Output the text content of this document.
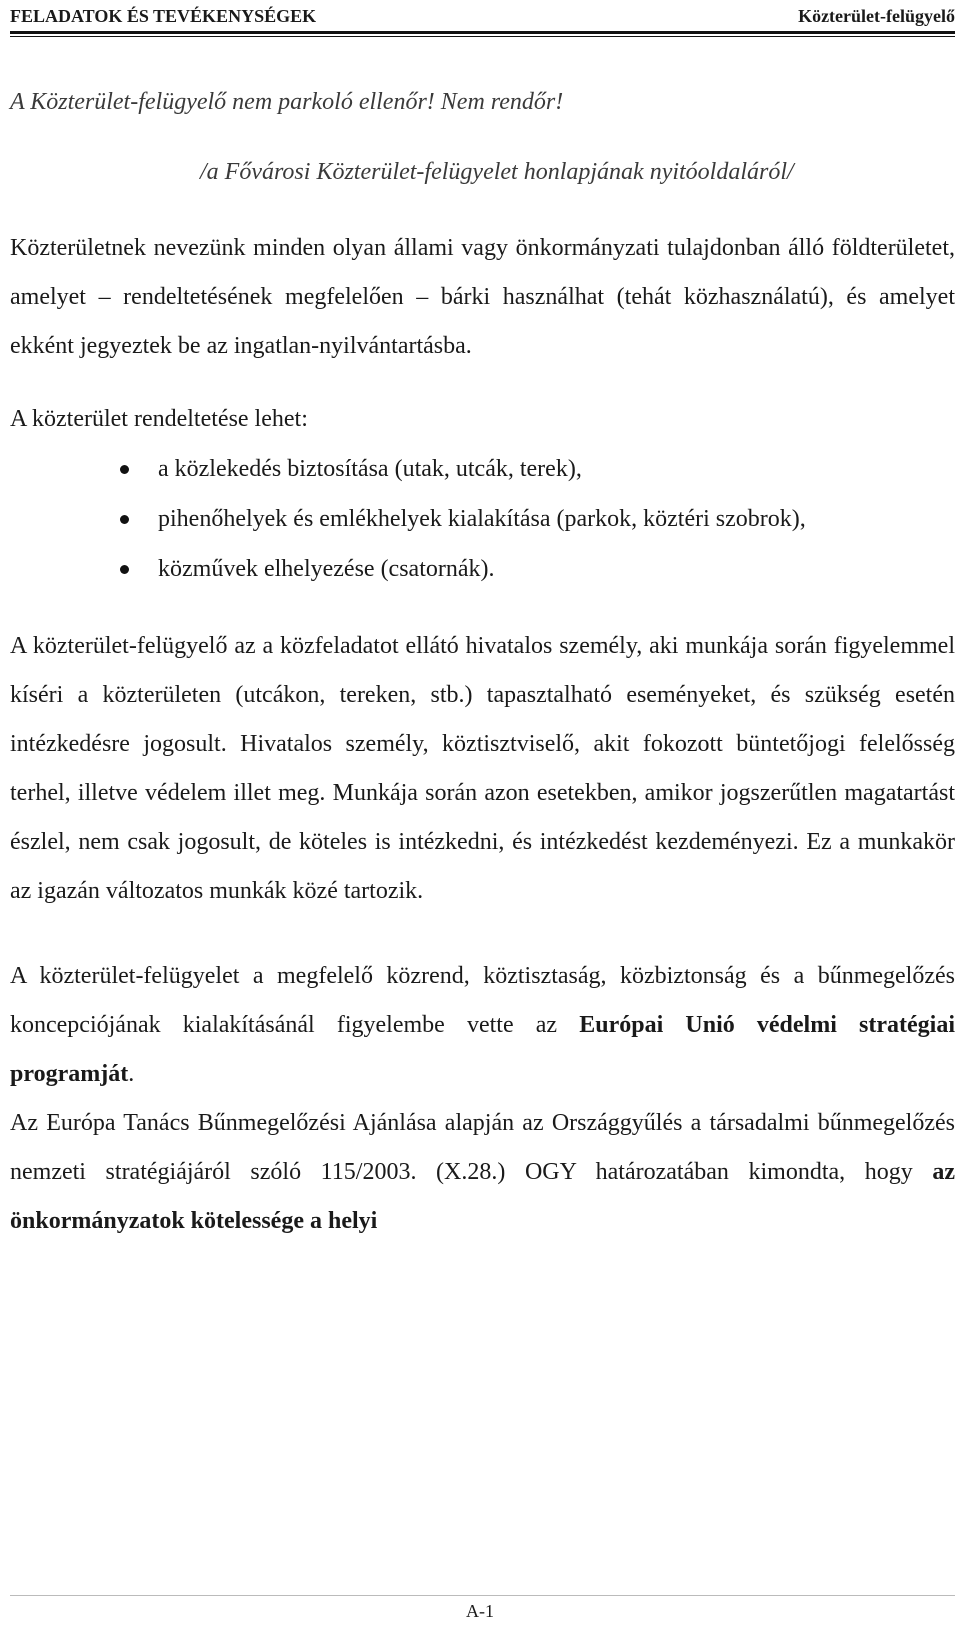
FELADATOK ÉS TEVÉKENYSÉGEK	Közterület-felügyelő

A Közterület-felügyelő nem parkoló ellenőr! Nem rendőr!

/a Fővárosi Közterület-felügyelet honlapjának nyitóoldaláról/

Közterületnek nevezünk minden olyan állami vagy önkormányzati tulajdonban álló földterületet, amelyet – rendeltetésének megfelelően – bárki használhat (tehát közhasználatú), és amelyet ekként jegyeztek be az ingatlan-nyilvántartásba.

A közterület rendeltetése lehet:

a közlekedés biztosítása (utak, utcák, terek),
pihenőhelyek és emlékhelyek kialakítása (parkok, köztéri szobrok),
közművek elhelyezése (csatornák).

A közterület-felügyelő az a közfeladatot ellátó hivatalos személy, aki munkája során figyelemmel kíséri a közterületen (utcákon, tereken, stb.) tapasztalható eseményeket, és szükség esetén intézkedésre jogosult. Hivatalos személy, köztisztviselő, akit fokozott büntetőjogi felelősség terhel, illetve védelem illet meg. Munkája során azon esetekben, amikor jogszerűtlen magatartást észlel, nem csak jogosult, de köteles is intézkedni, és intézkedést kezdeményezi. Ez a munkakör az igazán változatos munkák közé tartozik.

A közterület-felügyelet a megfelelő közrend, köztisztaság, közbiztonság és a bűnmegelőzés koncepciójának kialakításánál figyelembe vette az Európai Unió védelmi stratégiai programját.

Az Európa Tanács Bűnmegelőzési Ajánlása alapján az Országgyűlés a társadalmi bűnmegelőzés nemzeti stratégiájáról szóló 115/2003. (X.28.) OGY határozatában kimondta, hogy az önkormányzatok kötelessége a helyi

A-1
